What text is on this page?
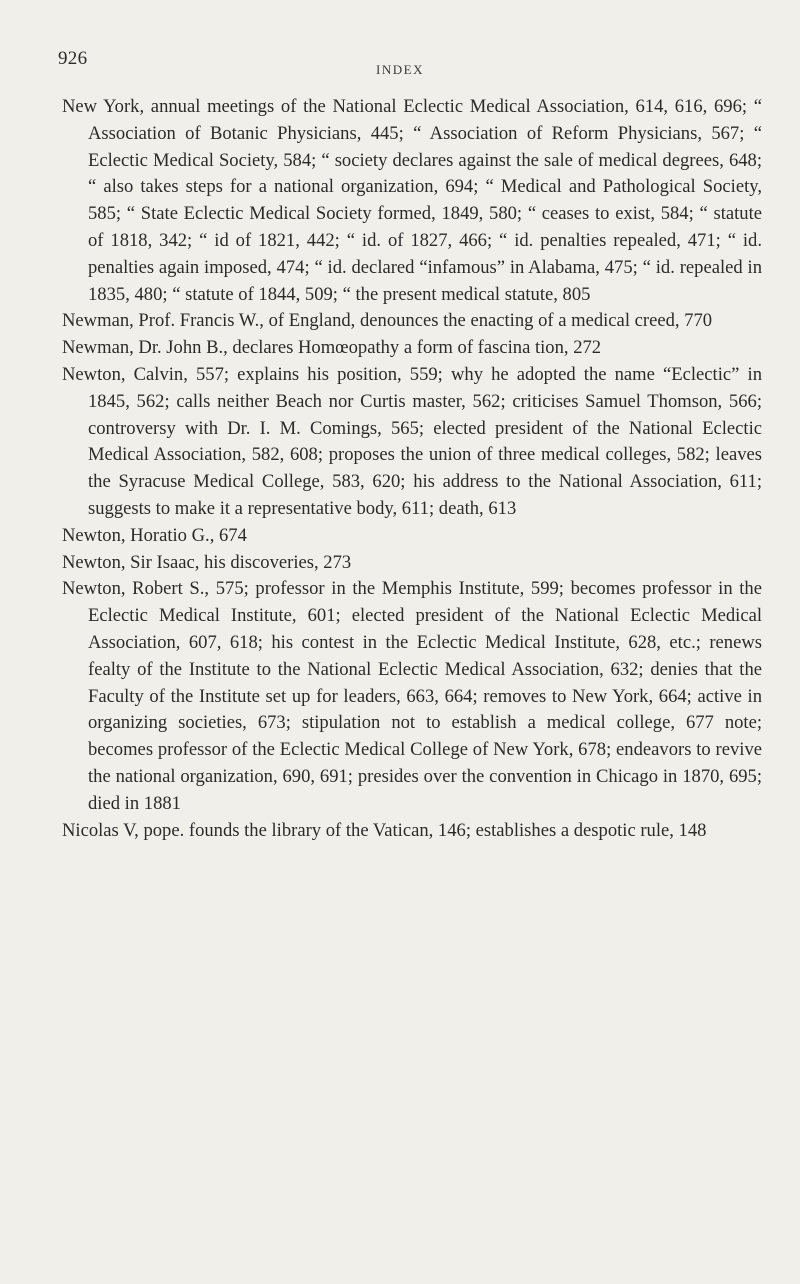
926
INDEX

New York, annual meetings of the National Eclectic Medical Association, 614, 616, 696; “ Association of Botanic Physicians, 445; “ Association of Reform Physicians, 567; “ Eclectic Medical Society, 584; “ society declares against the sale of medical degrees, 648; “ also takes steps for a national organization, 694; “ Medical and Pathological Society, 585; “ State Eclectic Medical Society formed, 1849, 580; “ ceases to exist, 584; “ statute of 1818, 342; “ id of 1821, 442; “ id. of 1827, 466; “ id. penalties repealed, 471; “ id. penalties again imposed, 474; “ id. declared “infamous” in Alabama, 475; “ id. repealed in 1835, 480; “ statute of 1844, 509; “ the present medical statute, 805

Newman, Prof. Francis W., of England, denounces the enacting of a medical creed, 770

Newman, Dr. John B., declares Homœopathy a form of fascina tion, 272

Newton, Calvin, 557; explains his position, 559; why he adopted the name “Eclectic” in 1845, 562; calls neither Beach nor Curtis master, 562; criticises Samuel Thomson, 566; controversy with Dr. I. M. Comings, 565; elected president of the National Eclectic Medical Association, 582, 608; proposes the union of three medical colleges, 582; leaves the Syracuse Medical College, 583, 620; his address to the National Association, 611; suggests to make it a representative body, 611; death, 613

Newton, Horatio G., 674

Newton, Sir Isaac, his discoveries, 273

Newton, Robert S., 575; professor in the Memphis Institute, 599; becomes professor in the Eclectic Medical Institute, 601; elected president of the National Eclectic Medical Association, 607, 618; his contest in the Eclectic Medical Institute, 628, etc.; renews fealty of the Institute to the National Eclectic Medical Association, 632; denies that the Faculty of the Institute set up for leaders, 663, 664; removes to New York, 664; active in organizing societies, 673; stipulation not to establish a medical college, 677 note; becomes professor of the Eclectic Medical College of New York, 678; endeavors to revive the national organization, 690, 691; presides over the convention in Chicago in 1870, 695; died in 1881

Nicolas V, pope. founds the library of the Vatican, 146; establishes a despotic rule, 148
